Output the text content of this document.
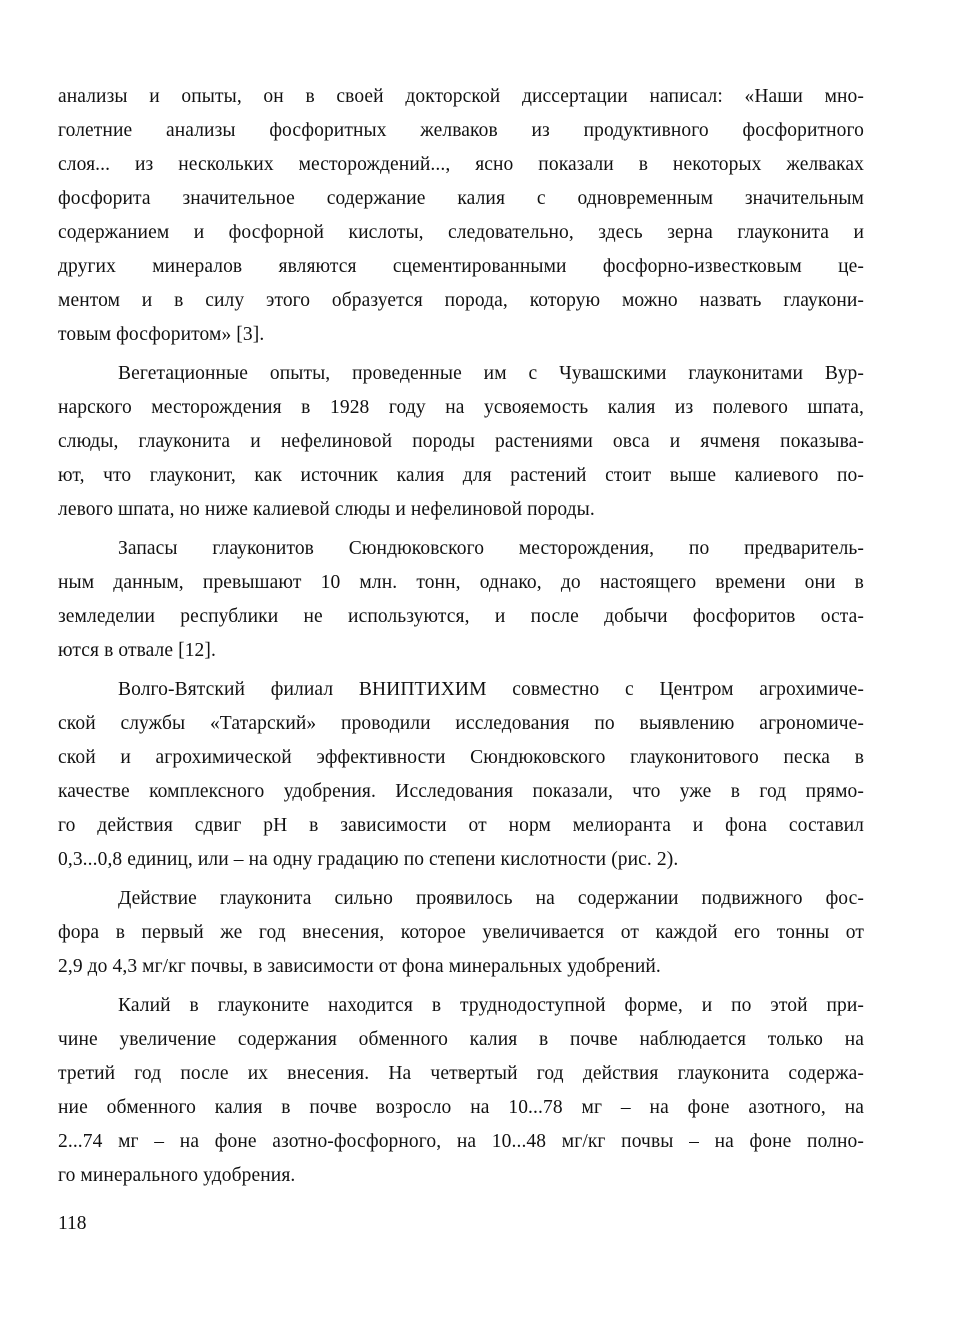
анализы и опыты, он в своей докторской диссертации написал: «Наши мно-
голетние анализы фосфоритных желваков из продуктивного фосфоритного
слоя... из нескольких месторождений..., ясно показали в некоторых желваках
фосфорита значительное содержание калия с одновременным значительным
содержанием и фосфорной кислоты, следовательно, здесь зерна глауконита и
других минералов являются сцементированными фосфорно-известковым це-
ментом и в силу этого образуется порода, которую можно назвать глаукони-
товым фосфоритом» [3].
Вегетационные опыты, проведенные им с Чувашскими глауконитами Вур-
нарского месторождения в 1928 году на усвояемость калия из полевого шпата,
слюды, глауконита и нефелиновой породы растениями овса и ячменя показыва-
ют, что глауконит, как источник калия для растений стоит выше калиевого по-
левого шпата, но ниже калиевой слюды и нефелиновой породы.
Запасы глауконитов Сюндюковского месторождения, по предваритель-
ным данным, превышают 10 млн. тонн, однако, до настоящего времени они в
земледелии республики не используются, и после добычи фосфоритов оста-
ются в отвале [12].
Волго-Вятский филиал ВНИПТИХИМ совместно с Центром агрохимиче-
ской службы «Татарский» проводили исследования по выявлению агрономиче-
ской и агрохимической эффективности Сюндюковского глауконитового песка в
качестве комплексного удобрения. Исследования показали, что уже в год прямо-
го действия сдвиг pH в зависимости от норм мелиоранта и фона составил
0,3...0,8 единиц, или – на одну градацию по степени кислотности (рис. 2).
Действие глауконита сильно проявилось на содержании подвижного фос-
фора в первый же год внесения, которое увеличивается от каждой его тонны от
2,9 до 4,3 мг/кг почвы, в зависимости от фона минеральных удобрений.
Калий в глауконите находится в труднодоступной форме, и по этой при-
чине увеличение содержания обменного калия в почве наблюдается только на
третий год после их внесения. На четвертый год действия глауконита содержа-
ние обменного калия в почве возросло на 10...78 мг – на фоне азотного, на
2...74 мг – на фоне азотно-фосфорного, на 10...48 мг/кг почвы – на фоне полно-
го минерального удобрения.
118
